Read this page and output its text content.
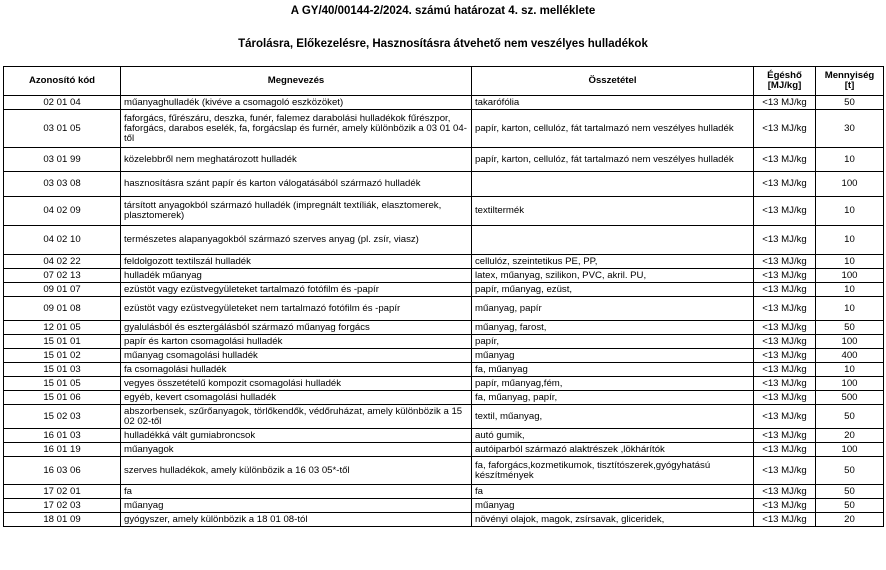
A GY/40/00144-2/2024. számú határozat 4. sz. melléklete
Tárolásra, Előkezelésre, Hasznosításra átvehető nem veszélyes hulladékok
Azonosító kód	Megnevezés	Összetétel	Égéshő [MJ/kg]	Mennyiség [t]
02 01 04	műanyaghulladék (kivéve a csomagoló eszközöket)	takarófólia	<13 MJ/kg	50
03 01 05	faforgács, fűrészáru, deszka, funér, falemez darabolási hulladékok fűrészpor, faforgács, darabos eselék, fa, forgácslap és furnér, amely különbözik a 03 01 04-től	papír, karton, cellulóz, fát tartalmazó nem veszélyes hulladék	<13 MJ/kg	30
03 01 99	közelebbről nem meghatározott hulladék	papír, karton, cellulóz, fát tartalmazó nem veszélyes hulladék	<13 MJ/kg	10
03 03 08	hasznosításra szánt papír és karton válogatásából származó hulladék		<13 MJ/kg	100
04 02 09	társított anyagokból származó hulladék (impregnált textíliák, elasztomerek, plasztomerek)	textiltermék	<13 MJ/kg	10
04 02 10	természetes alapanyagokból származó szerves anyag (pl. zsír, viasz)		<13 MJ/kg	10
04 02 22	feldolgozott textilszál hulladék	cellulóz, szeintetikus PE, PP,	<13 MJ/kg	10
07 02 13	hulladék műanyag	latex, műanyag, szilikon, PVC, akril. PU,	<13 MJ/kg	100
09 01 07	ezüstöt vagy ezüstvegyületeket tartalmazó fotófilm és -papír	papír, műanyag, ezüst,	<13 MJ/kg	10
09 01 08	ezüstöt vagy ezüstvegyületeket nem tartalmazó fotófilm és -papír	műanyag, papír	<13 MJ/kg	10
12 01 05	gyalulásból és esztergálásból származó műanyag forgács	műanyag, farost,	<13 MJ/kg	50
15 01 01	papír és karton csomagolási hulladék	papír,	<13 MJ/kg	100
15 01 02	műanyag csomagolási hulladék	műanyag	<13 MJ/kg	400
15 01 03	fa csomagolási hulladék	fa, műanyag	<13 MJ/kg	10
15 01 05	vegyes összetételű kompozit csomagolási hulladék	papír, műanyag,fém,	<13 MJ/kg	100
15 01 06	egyéb, kevert csomagolási hulladék	fa, műanyag, papír,	<13 MJ/kg	500
15 02 03	abszorbensek, szűrőanyagok, törlőkendők, védőruházat, amely különbözik a 15 02 02-től	textil, műanyag,	<13 MJ/kg	50
16 01 03	hulladékká vált gumiabroncsok	autó gumik,	<13 MJ/kg	20
16 01 19	műanyagok	autóiparból származó alaktrészek ,lökhárítók	<13 MJ/kg	100
16 03 06	szerves hulladékok, amely különbözik a 16 03 05*-től	fa, faforgács,kozmetikumok, tisztítószerek,gyógyhatású készítmények	<13 MJ/kg	50
17 02 01	fa	fa	<13 MJ/kg	50
17 02 03	műanyag	műanyag	<13 MJ/kg	50
18 01 09	gyógyszer, amely különbözik a 18 01 08-tól	növényi olajok, magok, zsírsavak, gliceridek,	<13 MJ/kg	20
